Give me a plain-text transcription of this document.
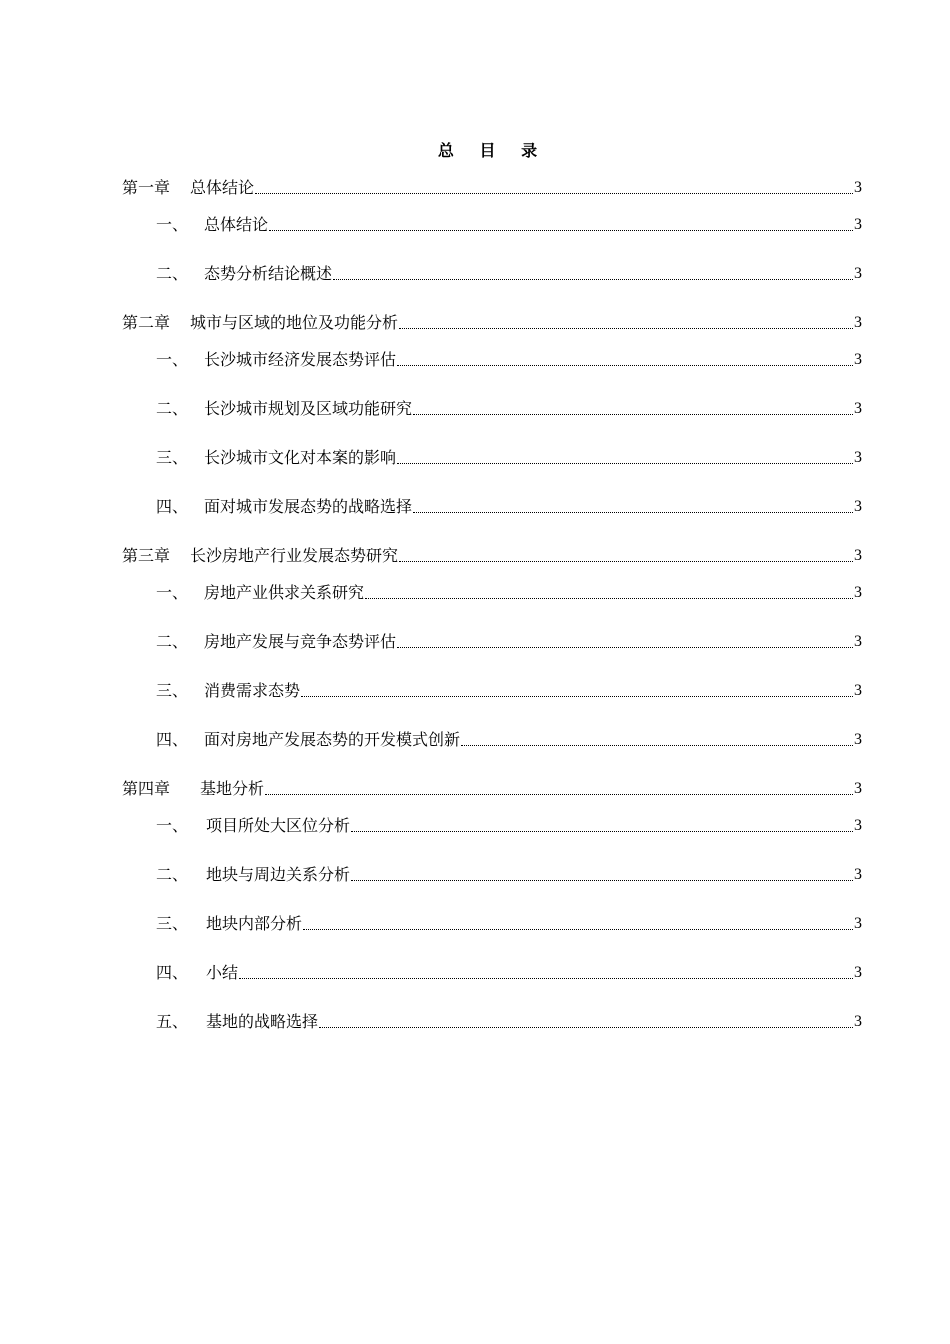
总 目 录
第一章	总体结论	3
一、 总体结论	3
二、 态势分析结论概述	3
第二章	城市与区域的地位及功能分析	3
一、 长沙城市经济发展态势评估	3
二、 长沙城市规划及区域功能研究	3
三、 长沙城市文化对本案的影响	3
四、 面对城市发展态势的战略选择	3
第三章	长沙房地产行业发展态势研究	3
一、 房地产业供求关系研究	3
二、 房地产发展与竞争态势评估	3
三、 消费需求态势	3
四、 面对房地产发展态势的开发模式创新	3
第四章	基地分析	3
一、	项目所处大区位分析	3
二、	地块与周边关系分析	3
三、	地块内部分析	3
四、	小结	3
五、	基地的战略选择	3
